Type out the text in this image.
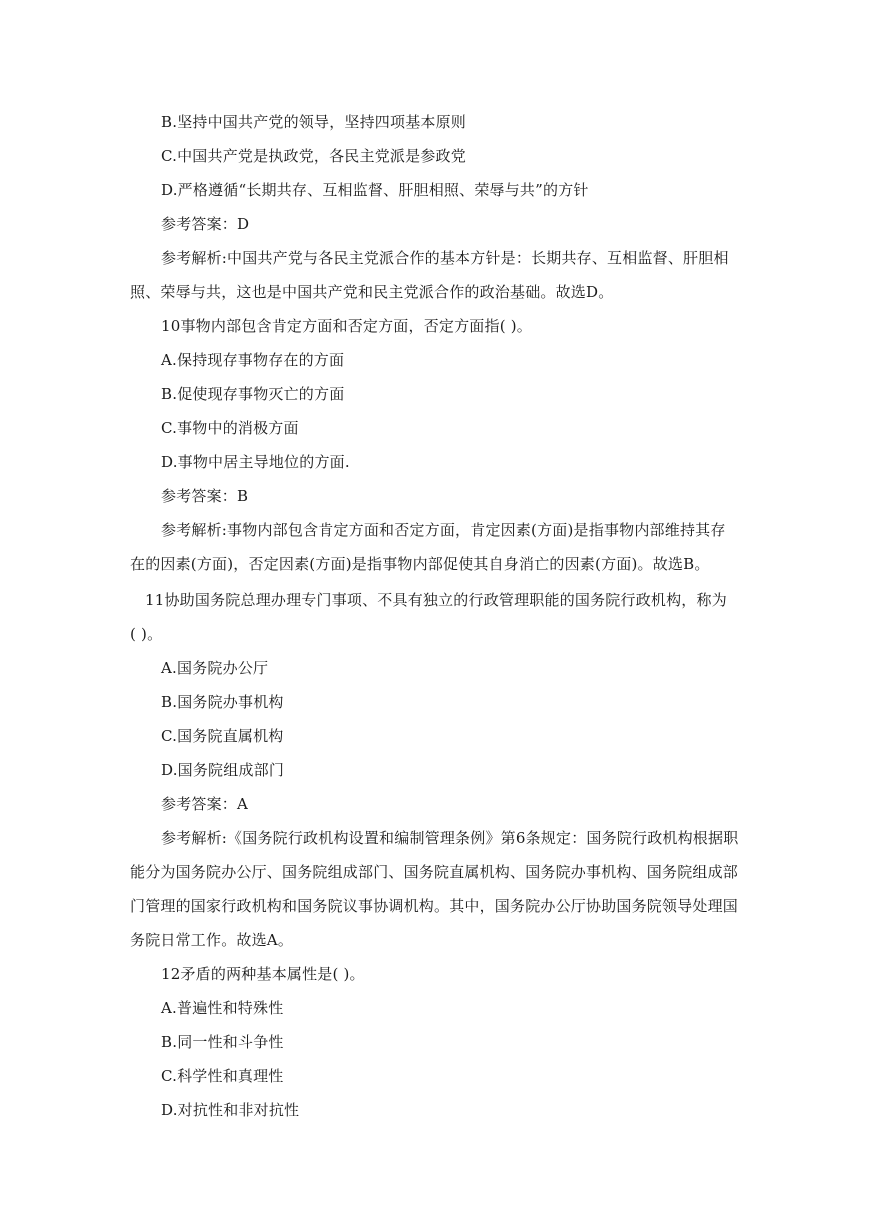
B.坚持中国共产党的领导，坚持四项基本原则
C.中国共产党是执政党，各民主党派是参政党
D.严格遵循“长期共存、互相监督、肝胆相照、荣辱与共”的方针
参考答案：D
参考解析:中国共产党与各民主党派合作的基本方针是：长期共存、互相监督、肝胆相
照、荣辱与共，这也是中国共产党和民主党派合作的政治基础。故选D。
10事物内部包含肯定方面和否定方面，否定方面指( )。
A.保持现存事物存在的方面
B.促使现存事物灭亡的方面
C.事物中的消极方面
D.事物中居主导地位的方面.
参考答案：B
参考解析:事物内部包含肯定方面和否定方面，肯定因素(方面)是指事物内部维持其存
在的因素(方面)，否定因素(方面)是指事物内部促使其自身消亡的因素(方面)。故选B。
11协助国务院总理办理专门事项、不具有独立的行政管理职能的国务院行政机构，称为
( )。
A.国务院办公厅
B.国务院办事机构
C.国务院直属机构
D.国务院组成部门
参考答案：A
参考解析:《国务院行政机构设置和编制管理条例》第6条规定：国务院行政机构根据职
能分为国务院办公厅、国务院组成部门、国务院直属机构、国务院办事机构、国务院组成部
门管理的国家行政机构和国务院议事协调机构。其中，国务院办公厅协助国务院领导处理国
务院日常工作。故选A。
12矛盾的两种基本属性是( )。
A.普遍性和特殊性
B.同一性和斗争性
C.科学性和真理性
D.对抗性和非对抗性
